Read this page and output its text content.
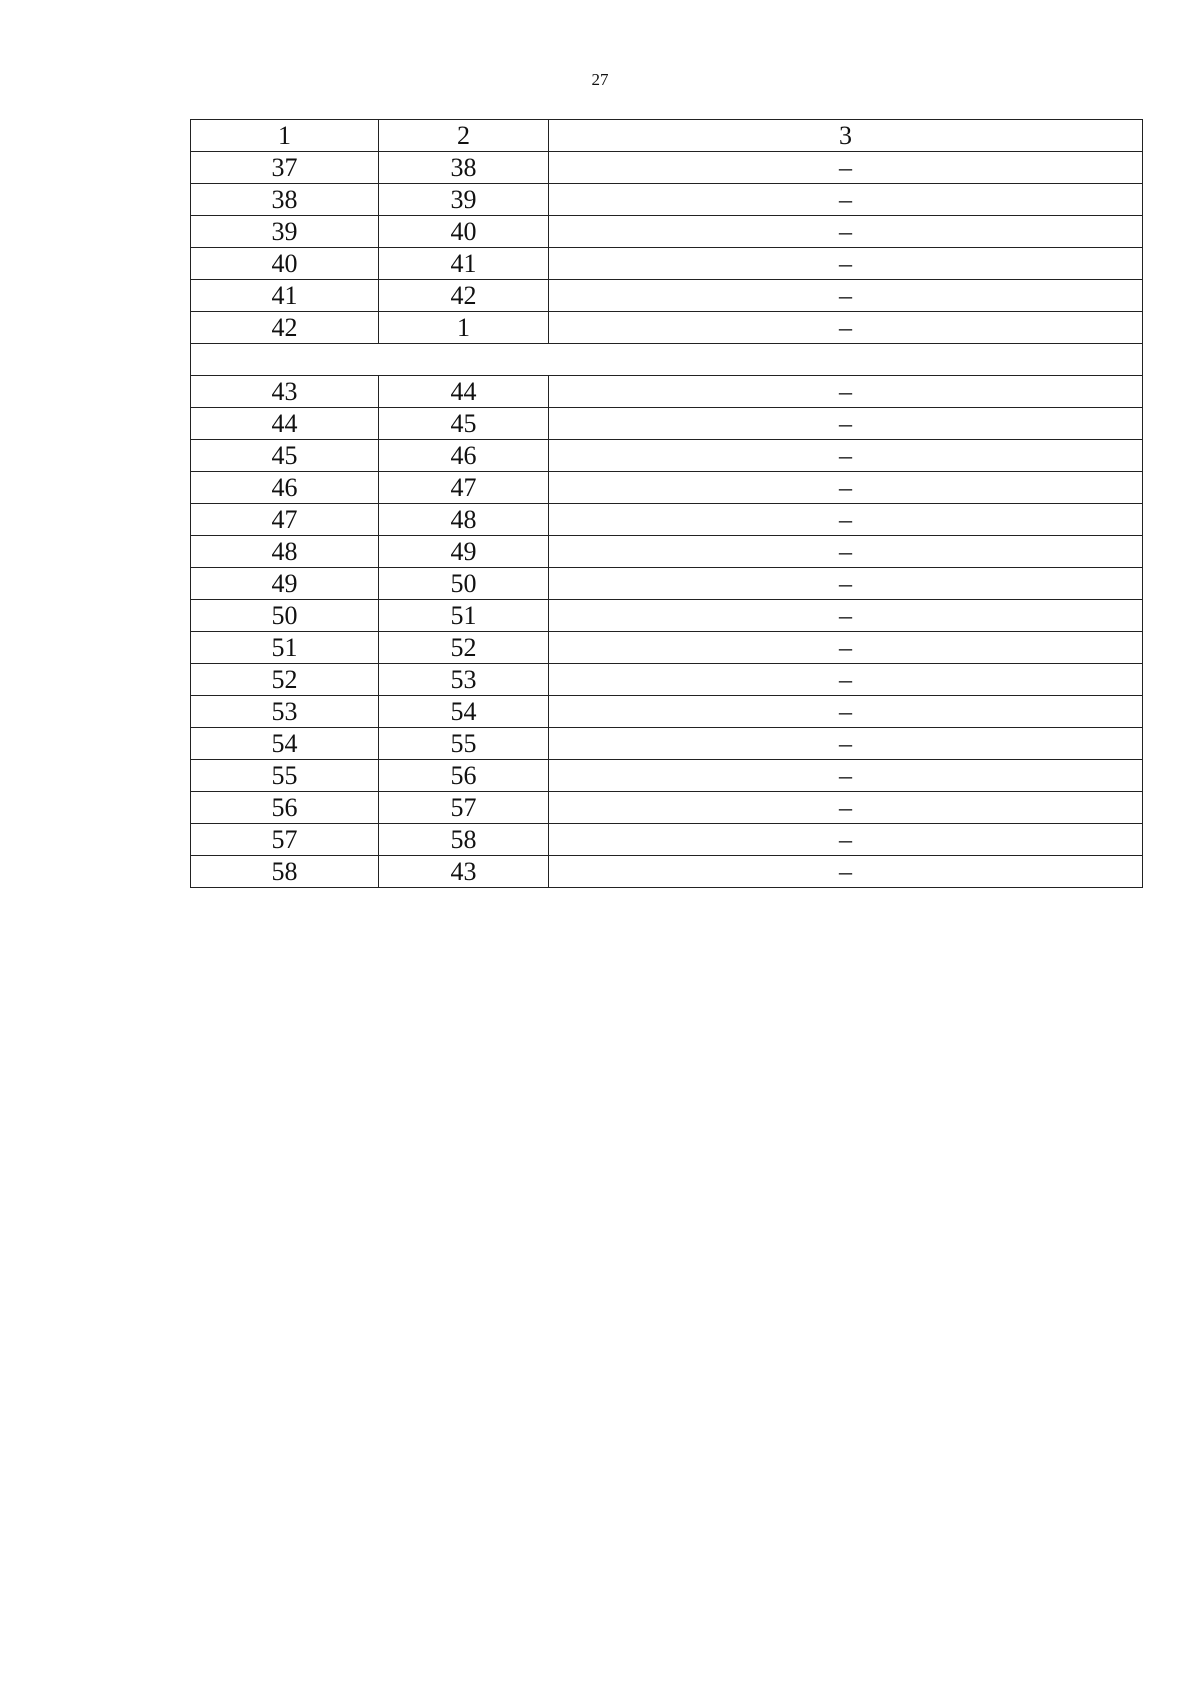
27
1	2	3
37	38	–
38	39	–
39	40	–
40	41	–
41	42	–
42	1	–

43	44	–
44	45	–
45	46	–
46	47	–
47	48	–
48	49	–
49	50	–
50	51	–
51	52	–
52	53	–
53	54	–
54	55	–
55	56	–
56	57	–
57	58	–
58	43	–
